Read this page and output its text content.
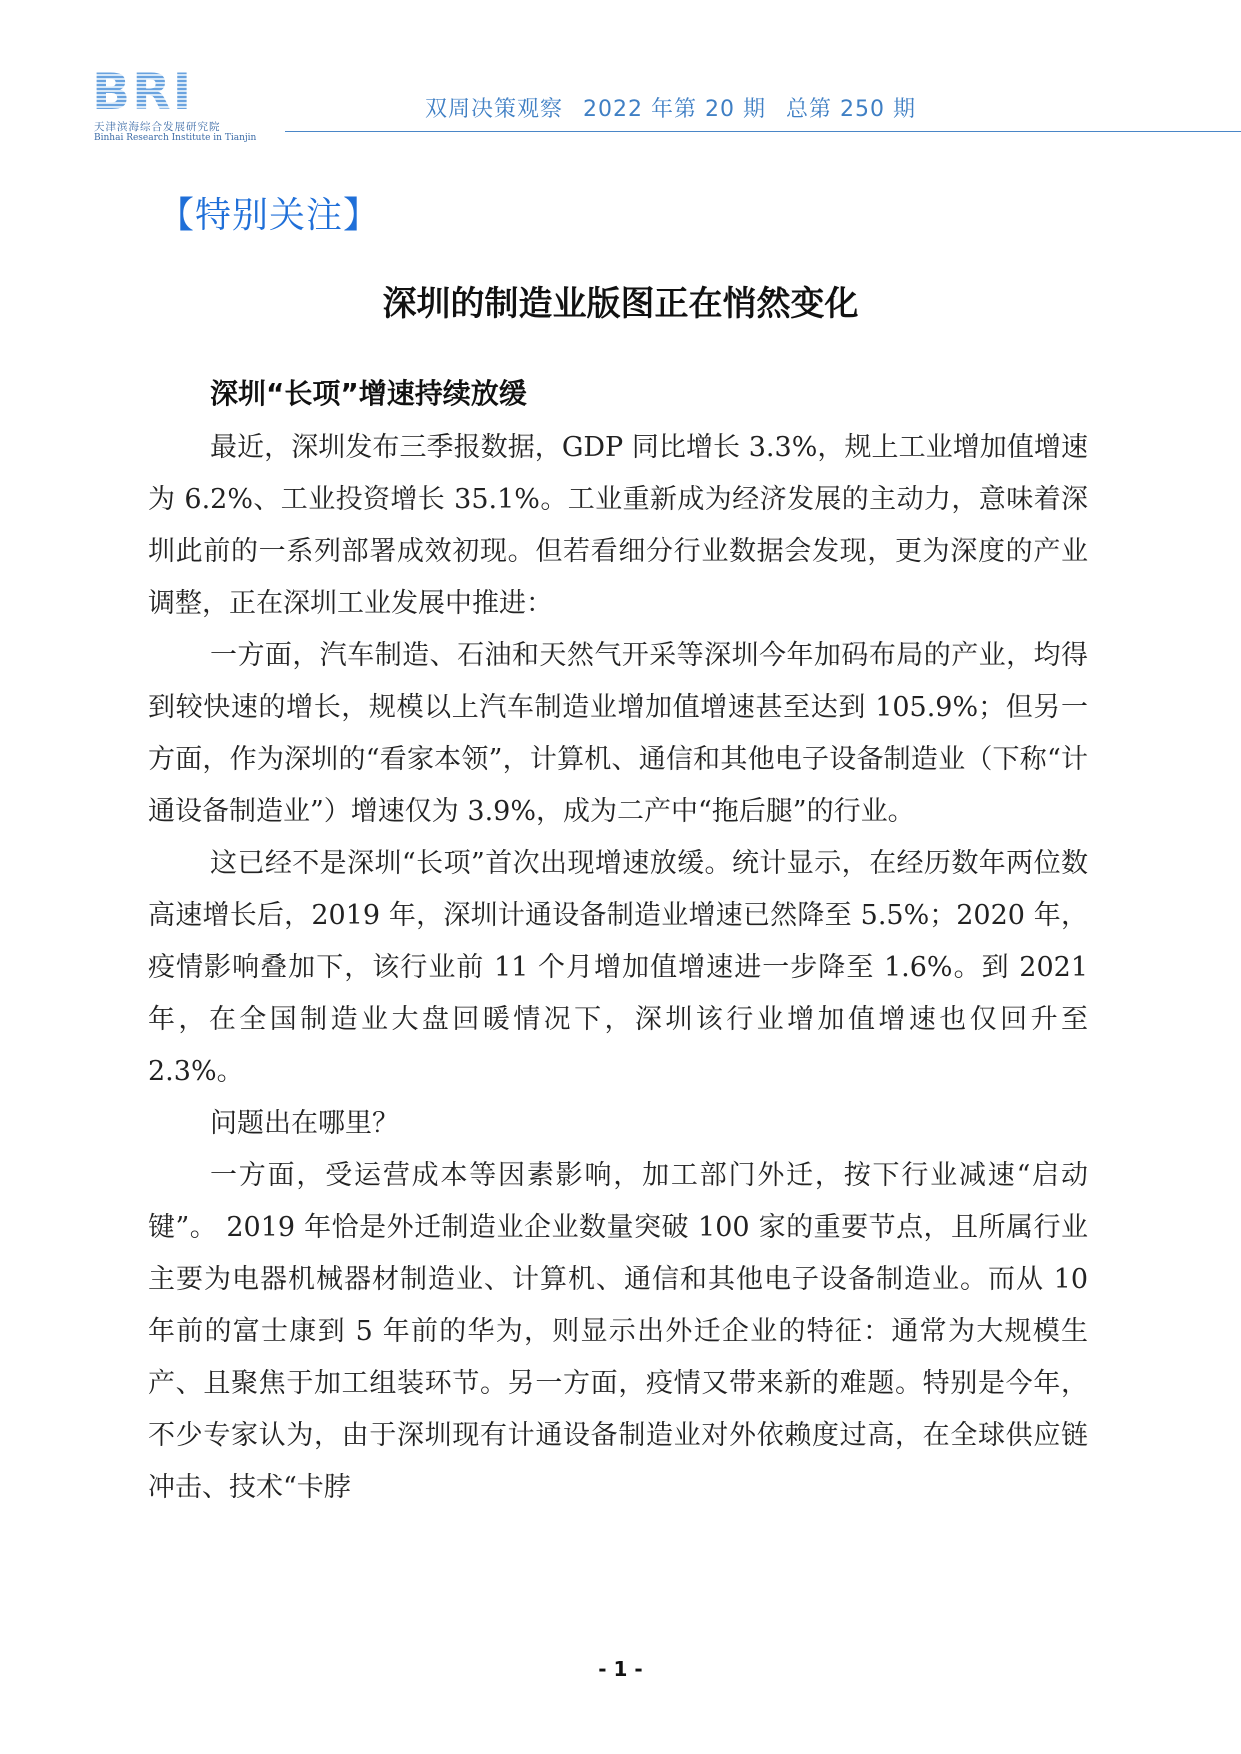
BRI
天津滨海综合发展研究院
Binhai Research Institute in Tianjin
双周决策观察 2022 年第 20 期 总第 250 期
【特别关注】
深圳的制造业版图正在悄然变化
深圳“长项”增速持续放缓

最近，深圳发布三季报数据，GDP 同比增长 3.3%，规上工业增加值增速为 6.2%、工业投资增长 35.1%。工业重新成为经济发展的主动力，意味着深圳此前的一系列部署成效初现。但若看细分行业数据会发现，更为深度的产业调整，正在深圳工业发展中推进：

一方面，汽车制造、石油和天然气开采等深圳今年加码布局的产业，均得到较快速的增长，规模以上汽车制造业增加值增速甚至达到 105.9%；但另一方面，作为深圳的“看家本领”，计算机、通信和其他电子设备制造业（下称“计通设备制造业”）增速仅为 3.9%，成为二产中“拖后腿”的行业。

这已经不是深圳“长项”首次出现增速放缓。统计显示，在经历数年两位数高速增长后，2019 年，深圳计通设备制造业增速已然降至 5.5%；2020 年，疫情影响叠加下，该行业前 11 个月增加值增速进一步降至 1.6%。到 2021 年，在全国制造业大盘回暖情况下，深圳该行业增加值增速也仅回升至 2.3%。

问题出在哪里？

一方面，受运营成本等因素影响，加工部门外迁，按下行业减速“启动键”。 2019 年恰是外迁制造业企业数量突破 100 家的重要节点，且所属行业主要为电器机械器材制造业、计算机、通信和其他电子设备制造业。而从 10 年前的富士康到 5 年前的华为，则显示出外迁企业的特征：通常为大规模生产、且聚焦于加工组装环节。另一方面，疫情又带来新的难题。特别是今年，不少专家认为，由于深圳现有计通设备制造业对外依赖度过高，在全球供应链冲击、技术“卡脖

- 1 -
